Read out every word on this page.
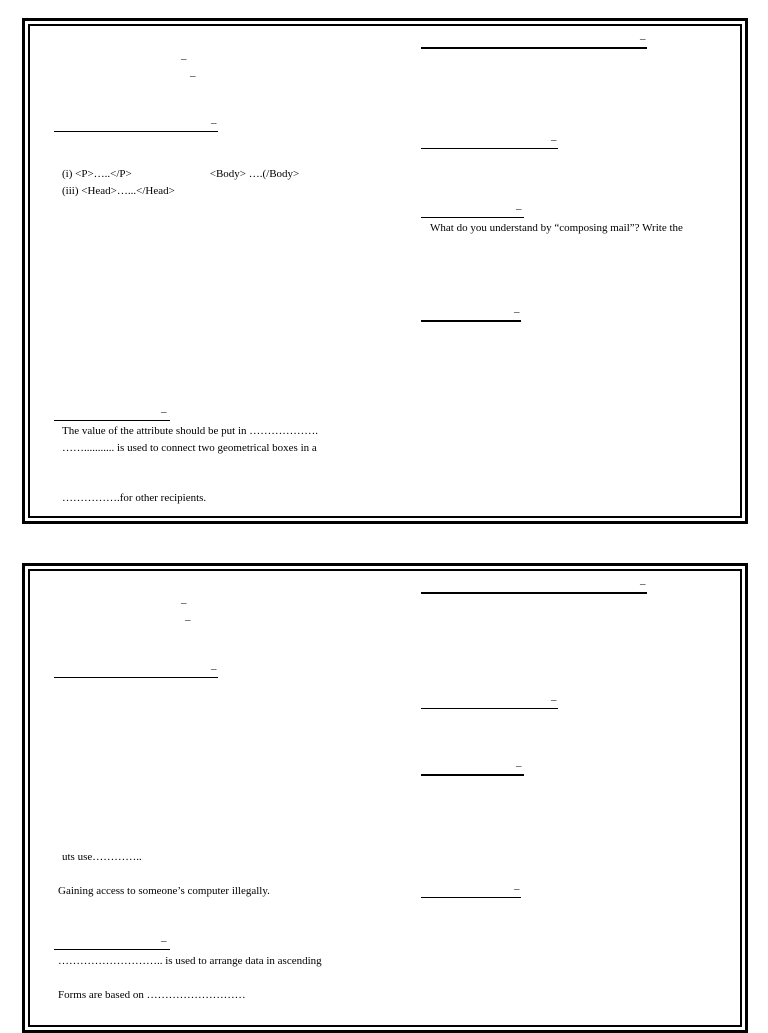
–
–
–
(i) <P>…..</P>	<Body> ….(/Body>
(iii) <Head>…...</Head>
–
The value of the attribute should be put in ……………….
……........... is used to connect two geometrical boxes in a
…………….for other recipients.
–
–
–
What do you understand by “composing mail”? Write the
–
–
–
–
uts use…………..
Gaining access to someone’s computer illegally.
–
……………………….. is used to arrange data in ascending
Forms are based on ………………………
–
–
–
–
